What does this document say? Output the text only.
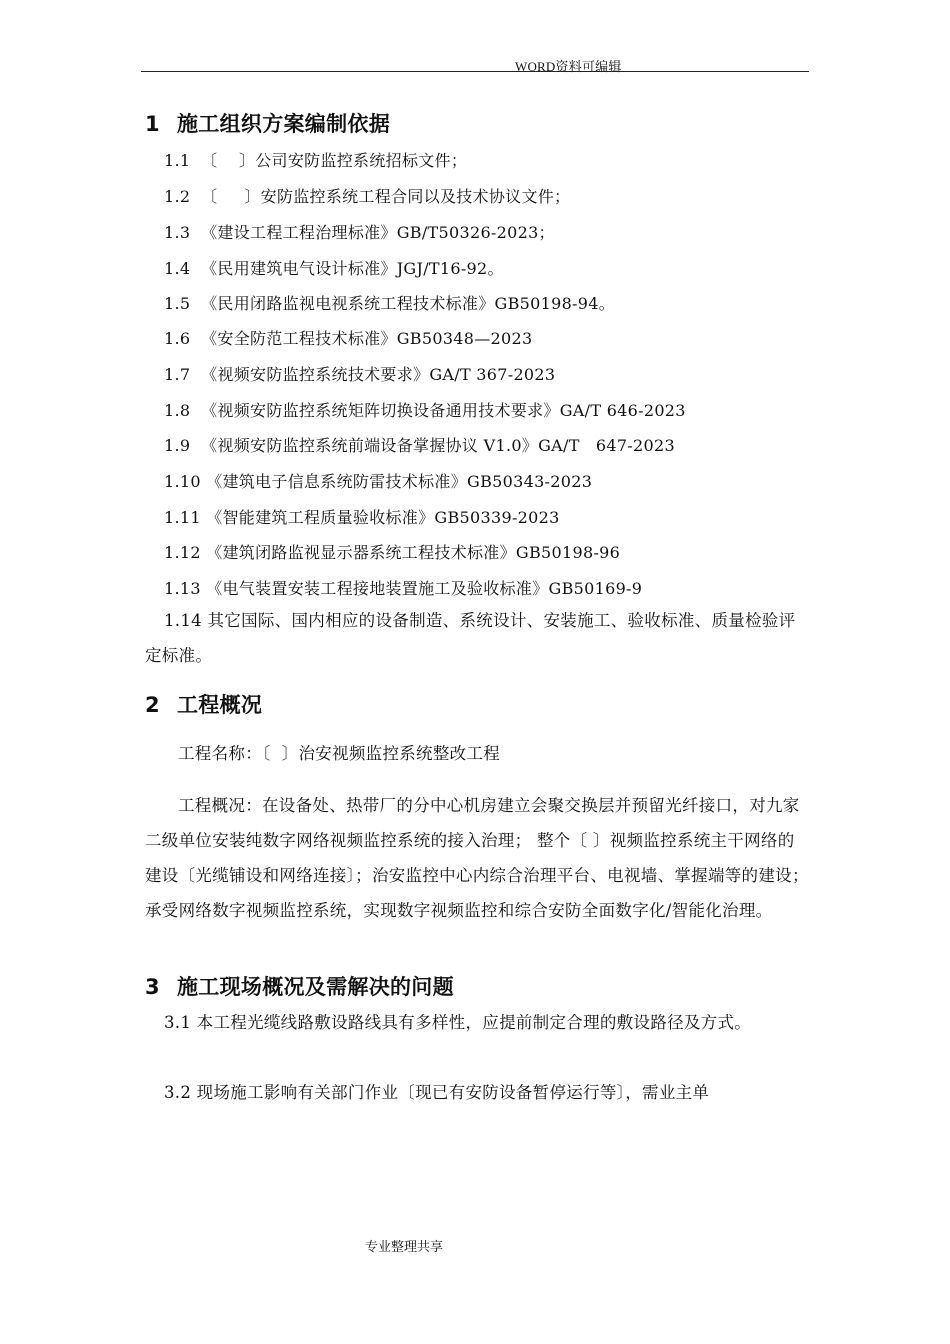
WORD资料可编辑
1 施工组织方案编制依据
1.1  〔    〕公司安防监控系统招标文件；
1.2  〔     〕安防监控系统工程合同以及技术协议文件；
1.3  《建设工程工程治理标准》GB/T50326-2023；
1.4  《民用建筑电气设计标准》JGJ/T16-92。
1.5  《民用闭路监视电视系统工程技术标准》GB50198-94。
1.6  《安全防范工程技术标准》GB50348—2023
1.7  《视频安防监控系统技术要求》GA/T 367-2023
1.8  《视频安防监控系统矩阵切换设备通用技术要求》GA/T 646-2023
1.9  《视频安防监控系统前端设备掌握协议 V1.0》GA/T   647-2023
1.10 《建筑电子信息系统防雷技术标准》GB50343-2023
1.11 《智能建筑工程质量验收标准》GB50339-2023
1.12 《建筑闭路监视显示器系统工程技术标准》GB50198-96
1.13 《电气装置安装工程接地装置施工及验收标准》GB50169-9
1.14 其它国际、国内相应的设备制造、系统设计、安装施工、验收标准、质量检验评定标准。
2 工程概况
工程名称：〔  〕治安视频监控系统整改工程
工程概况：在设备处、热带厂的分中心机房建立会聚交换层并预留光纤接口，对九家二级单位安装纯数字网络视频监控系统的接入治理； 整个〔 〕视频监控系统主干网络的建设〔光缆铺设和网络连接〕；治安监控中心内综合治理平台、电视墙、掌握端等的建设；承受网络数字视频监控系统，实现数字视频监控和综合安防全面数字化/智能化治理。
3 施工现场概况及需解决的问题
3.1 本工程光缆线路敷设路线具有多样性，应提前制定合理的敷设路径及方式。
3.2 现场施工影响有关部门作业〔现已有安防设备暂停运行等〕，需业主单
专业整理共享
